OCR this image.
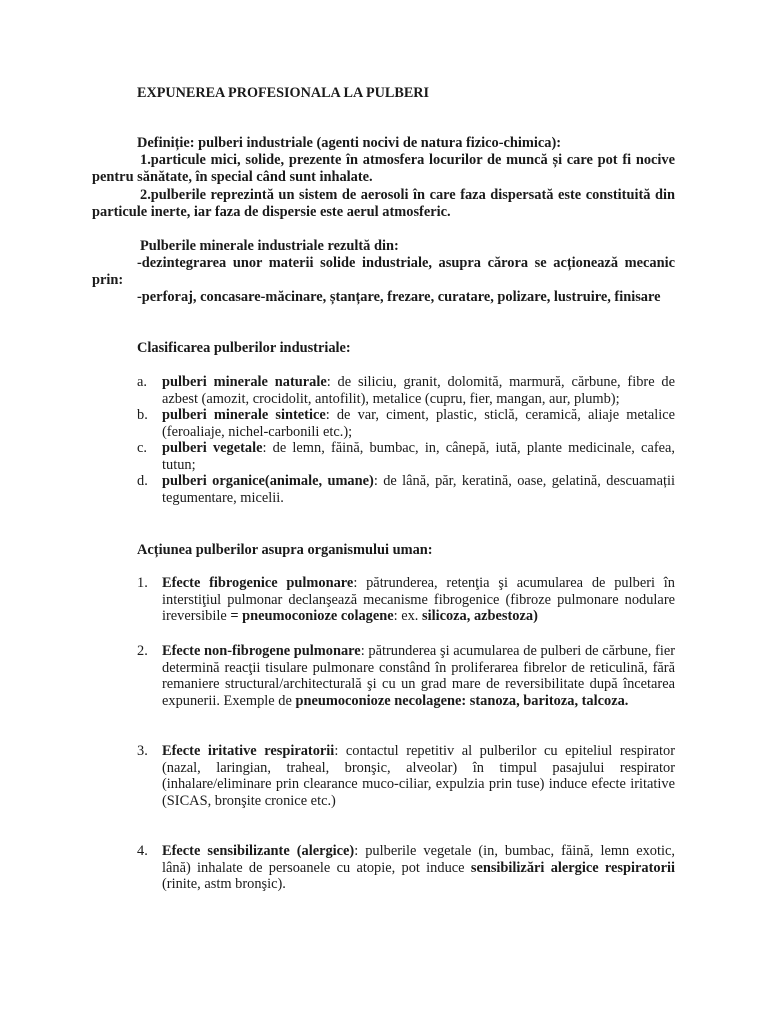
EXPUNEREA PROFESIONALA LA PULBERI
Definiție: pulberi industriale (agenti nocivi de natura fizico-chimica):
1.particule mici, solide, prezente în atmosfera locurilor de muncă și care pot fi nocive pentru sănătate, în special când sunt inhalate.
2.pulberile reprezintă un sistem de aerosoli în care faza dispersată este constituită din particule inerte, iar faza de dispersie este aerul atmosferic.
Pulberile minerale industriale rezultă din:
-dezintegrarea unor materii solide industriale, asupra cărora se acționează mecanic prin:
-perforaj, concasare-măcinare, ștanțare, frezare, curatare, polizare, lustruire, finisare
Clasificarea pulberilor industriale:
a. pulberi minerale naturale: de siliciu, granit, dolomită, marmură, cărbune, fibre de azbest (amozit, crocidolit, antofilit), metalice (cupru, fier, mangan, aur, plumb);
b. pulberi minerale sintetice: de var, ciment, plastic, sticlă, ceramică, aliaje metalice (feroaliaje, nichel-carbonili etc.);
c. pulberi vegetale: de lemn, făină, bumbac, in, cânepă, iută, plante medicinale, cafea, tutun;
d. pulberi organice(animale, umane): de lână, păr, keratină, oase, gelatină, descuamații tegumentare, micelii.
Acțiunea pulberilor asupra organismului uman:
1. Efecte fibrogenice pulmonare: pătrunderea, retenţia şi acumularea de pulberi în interstiţiul pulmonar declanşează mecanisme fibrogenice (fibroze pulmonare nodulare ireversibile = pneumoconioze colagene: ex. silicoza, azbestoza)
2. Efecte non-fibrogene pulmonare: pătrunderea şi acumularea de pulberi de cărbune, fier determină reacţii tisulare pulmonare constând în proliferarea fibrelor de reticulină, fără remaniere structural/architecturală şi cu un grad mare de reversibilitate după încetarea expunerii. Exemple de pneumoconioze necolagene: stanoza, baritoza, talcoza.
3. Efecte iritative respiratorii: contactul repetitiv al pulberilor cu epiteliul respirator (nazal, laringian, traheal, bronşic, alveolar) în timpul pasajului respirator (inhalare/eliminare prin clearance muco-ciliar, expulzia prin tuse) induce efecte iritative (SICAS, bronşite cronice etc.)
4. Efecte sensibilizante (alergice): pulberile vegetale (in, bumbac, făină, lemn exotic, lână) inhalate de persoanele cu atopie, pot induce sensibilizări alergice respiratorii (rinite, astm bronşic).
